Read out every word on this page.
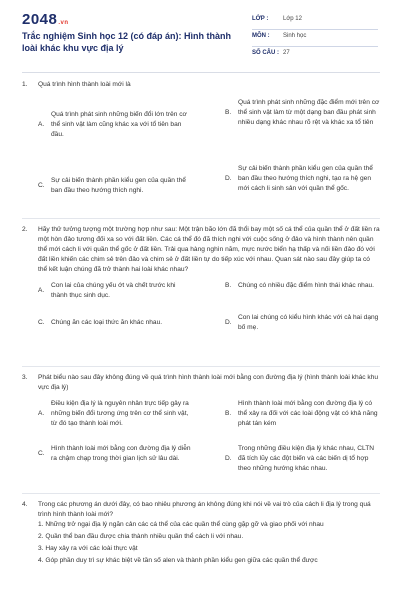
2048.vn
Trắc nghiệm Sinh học 12 (có đáp án): Hình thành loài khác khu vực địa lý
LỚP : Lớp 12
MÔN : Sinh học
SỐ CÂU : 27
1. Quá trình hình thành loài mới là
A.
Quá trình phát sinh những biến đổi lớn trên cơ thể sinh vật làm cũng khác xa với tổ tiên ban đầu.
B.
Quá trình phát sinh những đặc điểm mới trên cơ thể sinh vật làm từ một dạng ban đầu phát sinh nhiều dạng khác nhau rõ rệt và khác xa tổ tiên
C.
Sự cải biến thành phần kiểu gen của quần thể ban đầu theo hướng thích nghi.
D.
Sự cải biến thành phần kiểu gen của quần thể ban đầu theo hướng thích nghi, tạo ra hệ gen mới cách li sinh sản với quần thể gốc.
2. Hãy thử tưởng tượng một trường hợp như sau: Một trận bão lớn đã thổi bay một số cá thể của quần thể ở đất liền ra một hòn đảo tương đối xa so với đất liền. Các cá thể đó đã thích nghi với cuộc sống ở đảo và hình thành nên quần thể mới cách li với quần thể gốc ở đất liền. Trải qua hàng nghìn năm, mực nước biển hạ thấp và nối liền đảo đó với đất liền khiến các chim sẻ trên đảo và chim sẻ ở đất liền tự do tiếp xúc với nhau. Quan sát nào sau đây giúp ta có thể kết luận chúng đã trở thành hai loài khác nhau?
A.
Con lai của chúng yếu ớt và chết trước khi thành thục sinh dục.
B.	Chúng có nhiều đặc điểm hình thái khác nhau.
C. Chúng ăn các loại thức ăn khác nhau.	D.
Con lai chúng có kiểu hình khác với cả hai dạng bố mẹ.
3. Phát biểu nào sau đây không đúng về quá trình hình thành loài mới bằng con đường địa lý (hình thành loài khác khu vực địa lý)
A.
Điều kiện địa lý là nguyên nhân trực tiếp gây ra những biến đổi tương ứng trên cơ thể sinh vật, từ đó tạo thành loài mới.
B.
Hình thành loài mới bằng con đường địa lý có thể xảy ra đối với các loài động vật có khả năng phát tán kém
C.
Hình thành loài mới bằng con đường địa lý diễn ra chậm chạp trong thời gian lịch sử lâu dài.	D.
Trong những điều kiện địa lý khác nhau, CLTN đã tích lũy các đột biến và các biến dị tổ hợp theo những hướng khác nhau.
4. Trong các phương án dưới đây, có bao nhiêu phương án không đúng khi nói về vai trò của cách li địa lý trong quá trình hình thành loài mới?
1. Những trở ngại địa lý ngăn cản các cá thể của các quần thể cùng gặp gỡ và giao phối với nhau
2. Quần thể ban đầu được chia thành nhiều quần thể cách li với nhau.
3. Hay xảy ra với các loài thực vật
4. Góp phần duy trì sự khác biệt về tần số alen và thành phần kiểu gen giữa các quần thể được
